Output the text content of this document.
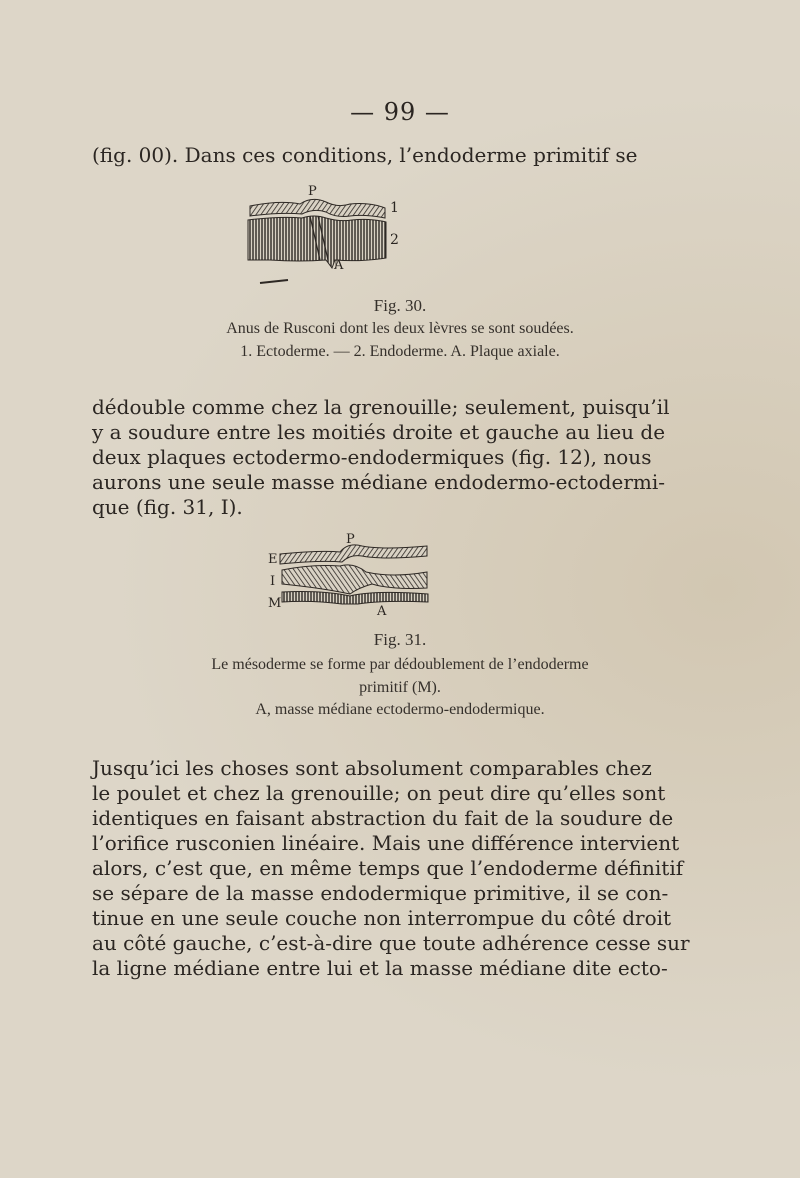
— 99 —
(fig. 00). Dans ces conditions, l’endoderme primitif se
P
1
2
A
Fig. 30.
Anus de Rusconi dont les deux lèvres se sont soudées.
1. Ectoderme. — 2. Endoderme. A. Plaque axiale.
dédouble comme chez la grenouille; seulement, puisqu’il
y a soudure entre les moitiés droite et gauche au lieu de
deux plaques ectodermo-endodermiques (fig. 12), nous
aurons une seule masse médiane endodermo-ectodermi-
que (fig. 31, I).
P
E
I
M
A
Fig. 31.
Le mésoderme se forme par dédoublement de l’endoderme
primitif (M).
A, masse médiane ectodermo-endodermique.
Jusqu’ici les choses sont absolument comparables chez
le poulet et chez la grenouille; on peut dire qu’elles sont
identiques en faisant abstraction du fait de la soudure de
l’orifice rusconien linéaire. Mais une différence intervient
alors, c’est que, en même temps que l’endoderme définitif
se sépare de la masse endodermique primitive, il se con-
tinue en une seule couche non interrompue du côté droit
au côté gauche, c’est-à-dire que toute adhérence cesse sur
la ligne médiane entre lui et la masse médiane dite ecto-
